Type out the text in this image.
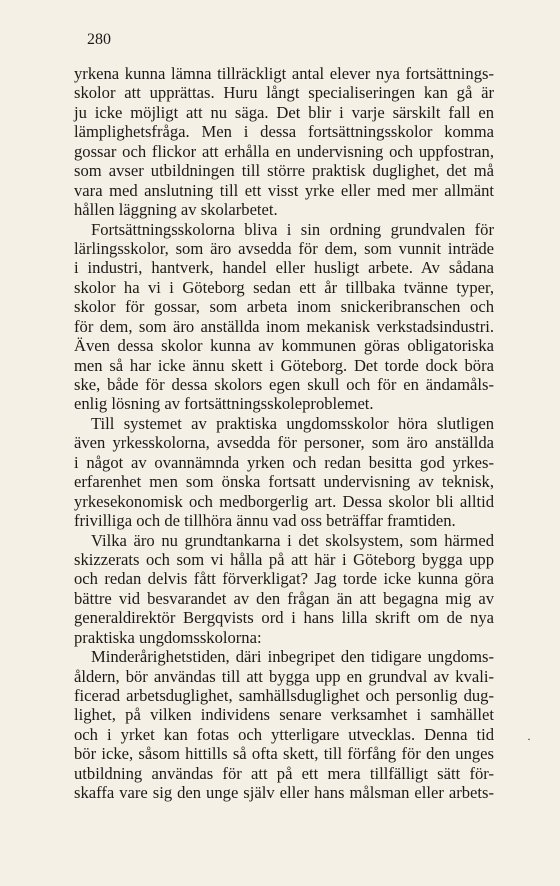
280
yrkena kunna lämna tillräckligt antal elever nya fortsättnings-
skolor att upprättas. Huru långt specialiseringen kan gå är
ju icke möjligt att nu säga. Det blir i varje särskilt fall en
lämplighetsfråga. Men i dessa fortsättningsskolor komma
gossar och flickor att erhålla en undervisning och uppfostran,
som avser utbildningen till större praktisk duglighet, det må
vara med anslutning till ett visst yrke eller med mer allmänt
hållen läggning av skolarbetet.
Fortsättningsskolorna bliva i sin ordning grundvalen för
lärlingsskolor, som äro avsedda för dem, som vunnit inträde
i industri, hantverk, handel eller husligt arbete. Av sådana
skolor ha vi i Göteborg sedan ett år tillbaka tvänne typer,
skolor för gossar, som arbeta inom snickeribranschen och
för dem, som äro anställda inom mekanisk verkstadsindustri.
Även dessa skolor kunna av kommunen göras obligatoriska
men så har icke ännu skett i Göteborg. Det torde dock böra
ske, både för dessa skolors egen skull och för en ändamåls-
enlig lösning av fortsättningsskoleproblemet.
Till systemet av praktiska ungdomsskolor höra slutligen
även yrkesskolorna, avsedda för personer, som äro anställda
i något av ovannämnda yrken och redan besitta god yrkes-
erfarenhet men som önska fortsatt undervisning av teknisk,
yrkesekonomisk och medborgerlig art. Dessa skolor bli alltid
frivilliga och de tillhöra ännu vad oss beträffar framtiden.
Vilka äro nu grundtankarna i det skolsystem, som härmed
skizzerats och som vi hålla på att här i Göteborg bygga upp
och redan delvis fått förverkligat? Jag torde icke kunna göra
bättre vid besvarandet av den frågan än att begagna mig av
generaldirektör Bergqvists ord i hans lilla skrift om de nya
praktiska ungdomsskolorna:
Minderårighetstiden, däri inbegripet den tidigare ungdoms-
åldern, bör användas till att bygga upp en grundval av kvali-
ficerad arbetsduglighet, samhällsduglighet och personlig dug-
lighet, på vilken individens senare verksamhet i samhället
och i yrket kan fotas och ytterligare utvecklas. Denna tid
bör icke, såsom hittills så ofta skett, till förfång för den unges
utbildning användas för att på ett mera tillfälligt sätt för-
skaffa vare sig den unge själv eller hans målsman eller arbets-
·
